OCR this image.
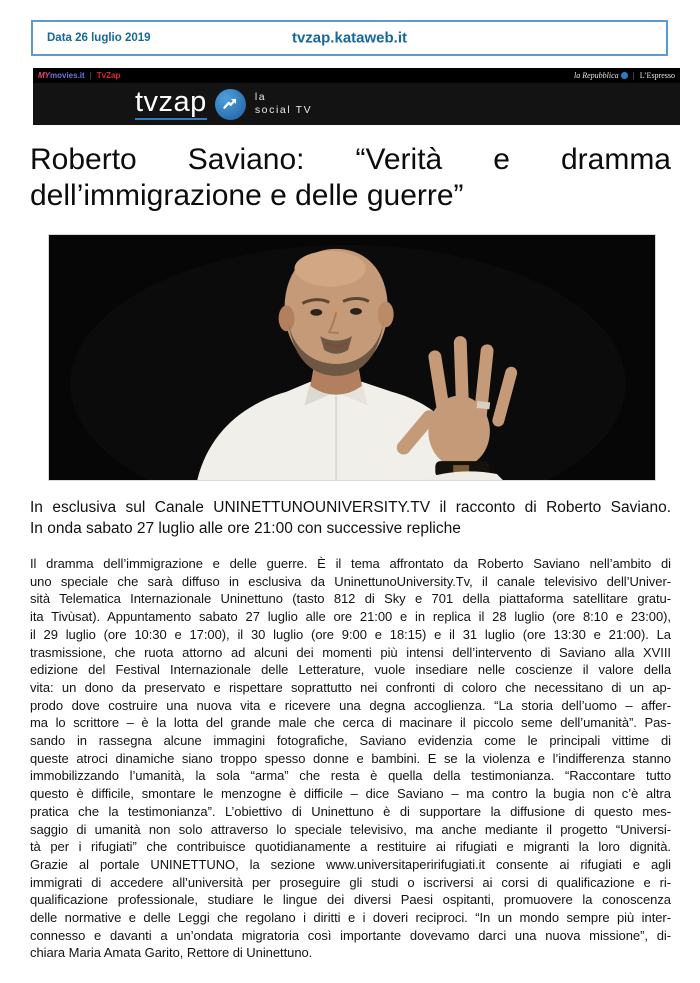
Data 26 luglio 2019	tvzap.kataweb.it
MYmovies.it | TvZap	la Repubblica | L’Espresso
tvzap	la
social TV
Roberto Saviano: “Verità e dramma
dell’immigrazione e delle guerre”
In esclusiva sul Canale UNINETTUNOUNIVERSITY.TV il racconto di Roberto Saviano.
In onda sabato 27 luglio alle ore 21:00 con successive repliche
Il dramma dell’immigrazione e delle guerre. È il tema affrontato da Roberto Saviano nell’ambito di
uno speciale che sarà diffuso in esclusiva da UninettunoUniversity.Tv, il canale televisivo dell’Univer-
sità Telematica Internazionale Uninettuno (tasto 812 di Sky e 701 della piattaforma satellitare gratu-
ita Tivùsat). Appuntamento sabato 27 luglio alle ore 21:00 e in replica il 28 luglio (ore 8:10 e 23:00),
il 29 luglio (ore 10:30 e 17:00), il 30 luglio (ore 9:00 e 18:15) e il 31 luglio (ore 13:30 e 21:00). La
trasmissione, che ruota attorno ad alcuni dei momenti più intensi dell’intervento di Saviano alla XVIII
edizione del Festival Internazionale delle Letterature, vuole insediare nelle coscienze il valore della
vita: un dono da preservato e rispettare soprattutto nei confronti di coloro che necessitano di un ap-
prodo dove costruire una nuova vita e ricevere una degna accoglienza. “La storia dell’uomo – affer-
ma lo scrittore – è la lotta del grande male che cerca di macinare il piccolo seme dell’umanità”. Pas-
sando in rassegna alcune immagini fotografiche, Saviano evidenzia come le principali vittime di
queste atroci dinamiche siano troppo spesso donne e bambini. E se la violenza e l’indifferenza stanno
immobilizzando l’umanità, la sola “arma” che resta è quella della testimonianza. “Raccontare tutto
questo è difficile, smontare le menzogne è difficile – dice Saviano – ma contro la bugia non c’è altra
pratica che la testimonianza”. L’obiettivo di Uninettuno è di supportare la diffusione di questo mes-
saggio di umanità non solo attraverso lo speciale televisivo, ma anche mediante il progetto “Universi-
tà per i rifugiati” che contribuisce quotidianamente a restituire ai rifugiati e migranti la loro dignità.
Grazie al portale UNINETTUNO, la sezione www.universitaperirifugiati.it consente ai rifugiati e agli
immigrati di accedere all’università per proseguire gli studi o iscriversi ai corsi di qualificazione e ri-
qualificazione professionale, studiare le lingue dei diversi Paesi ospitanti, promuovere la conoscenza
delle normative e delle Leggi che regolano i diritti e i doveri reciproci. “In un mondo sempre più inter-
connesso e davanti a un’ondata migratoria così importante dovevamo darci una nuova missione”, di-
chiara Maria Amata Garito, Rettore di Uninettuno.
